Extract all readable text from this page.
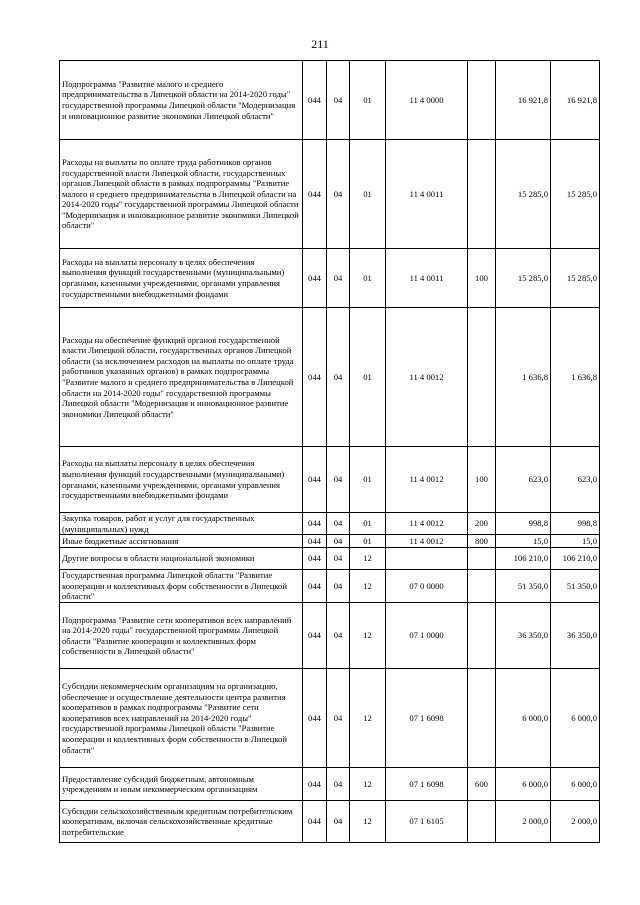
211
Подпрограмма "Развитие малого и среднего предпринимательства в Липецкой области на 2014-2020 годы" государственной программы Липецкой области "Модернизация и инновационное развитие экономики Липецкой области"	044	04	01	11 4 0000		16 921,8	16 921,8
Расходы на выплаты по оплате труда работников органов государственной власти Липецкой области, государственных органов Липецкой области в рамках подпрограммы "Развитие малого и среднего предпринимательства в Липецкой области на 2014-2020 годы" государственной программы Липецкой области "Модернизация и инновационное развитие экономики Липецкой области"	044	04	01	11 4 0011		15 285,0	15 285,0
Расходы на выплаты персоналу в целях обеспечения выполнения функций государственными (муниципальными) органами, казенными учреждениями, органами управления государственными внебюджетными фондами	044	04	01	11 4 0011	100	15 285,0	15 285,0
Расходы на обеспечение функций органов государственной власти Липецкой области, государственных органов Липецкой области (за исключением расходов на выплаты по оплате труда работников указанных органов) в рамках подпрограммы "Развитие малого и среднего предпринимательства в Липецкой области на 2014-2020 годы" государственной программы Липецкой области "Модернизация и инновационное развитие экономики Липецкой области"	044	04	01	11 4 0012		1 636,8	1 636,8
Расходы на выплаты персоналу в целях обеспечения выполнения функций государственными (муниципальными) органами, казенными учреждениями, органами управления государственными внебюджетными фондами	044	04	01	11 4 0012	100	623,0	623,0
Закупка товаров, работ и услуг для государственных (муниципальных) нужд	044	04	01	11 4 0012	200	998,8	998,8
Иные бюджетные ассигнования	044	04	01	11 4 0012	800	15,0	15,0
Другие вопросы в области национальной экономики	044	04	12			106 210,0	106 210,0
Государственная программа Липецкой области "Развитие кооперации и коллективных форм собственности в Липецкой области"	044	04	12	07 0 0000		51 350,0	51 350,0
Подпрограмма "Развитие сети кооперативов всех направлений на 2014-2020 годы" государственной программы Липецкой области "Развитие кооперации и коллективных форм собственности в Липецкой области"	044	04	12	07 1 0000		36 350,0	36 350,0
Субсидии некоммерческим организациям на организацию, обеспечение и осуществление деятельности центра развития кооперативов в рамках подпрограммы "Развитие сети кооперативов всех направлений на 2014-2020 годы" государственной программы Липецкой области "Развитие кооперации и коллективных форм собственности в Липецкой области"	044	04	12	07 1 6098		6 000,0	6 000,0
Предоставление субсидий бюджетным, автономным учреждениям и иным некоммерческим организациям	044	04	12	07 1 6098	600	6 000,0	6 000,0
Субсидии сельскохозяйственным кредитным потребительским кооперативам, включая сельскохозяйственные кредитные потребительские	044	04	12	07 1 6105		2 000,0	2 000,0
